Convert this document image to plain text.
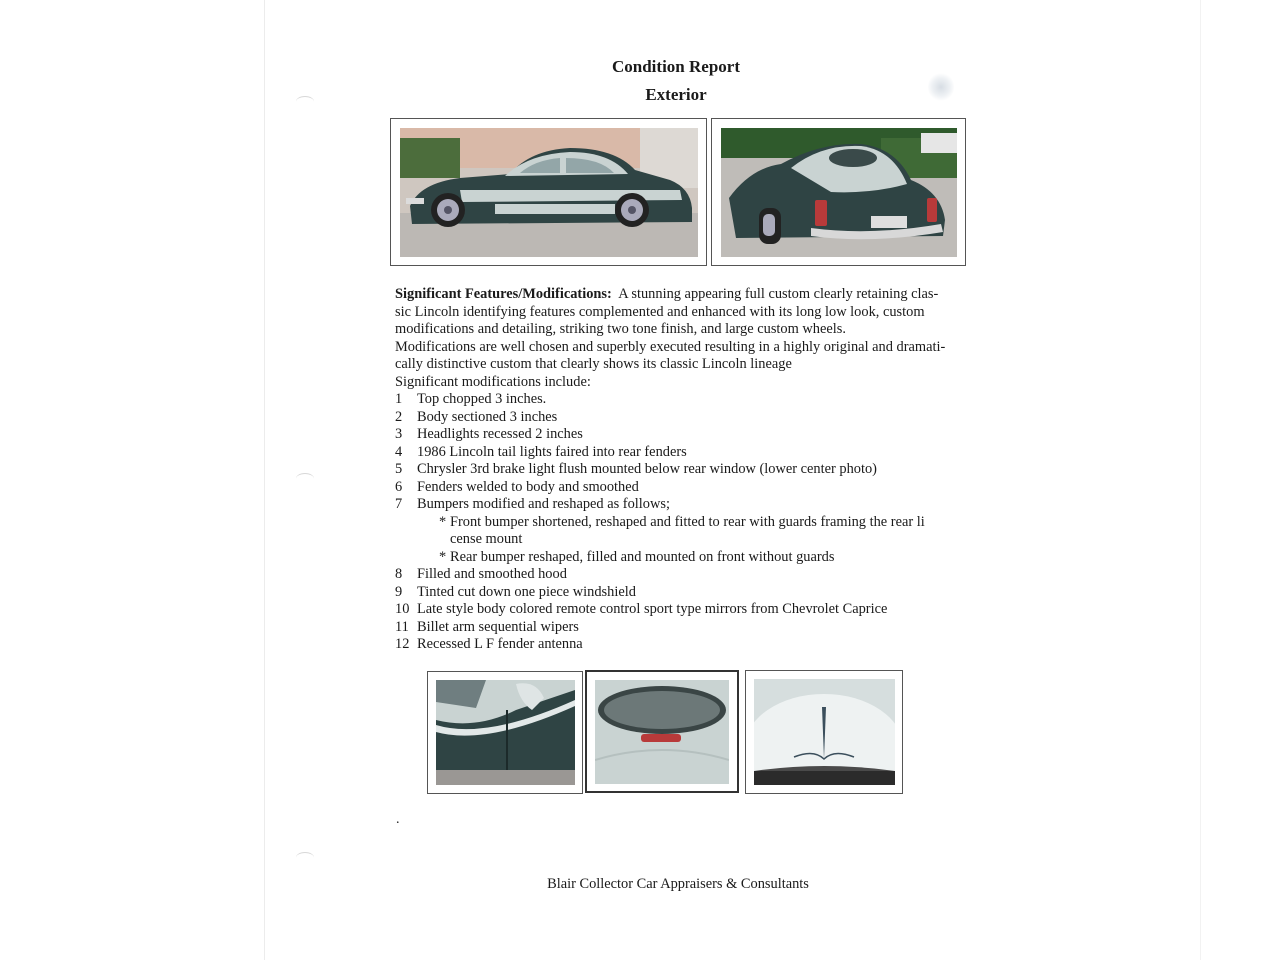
Condition Report
Exterior

Significant Features/Modifications: A stunning appearing full custom clearly retaining clas-
sic Lincoln identifying features complemented and enhanced with its long low look, custom
modifications and detailing, striking two tone finish, and large custom wheels.
Modifications are well chosen and superbly executed resulting in a highly original and dramati-
cally distinctive custom that clearly shows its classic Lincoln lineage

Significant modifications include:

1	Top chopped 3 inches.
2	Body sectioned 3 inches
3	Headlights recessed 2 inches
4	1986 Lincoln tail lights faired into rear fenders
5	Chrysler 3rd brake light flush mounted below rear window (lower center photo)
6	Fenders welded to body and smoothed
7	Bumpers modified and reshaped as follows;
* Front bumper shortened, reshaped and fitted to rear with guards framing the rear li
cense mount
* Rear bumper reshaped, filled and mounted on front without guards
8	Filled and smoothed hood
9	Tinted cut down one piece windshield
10 Late style body colored remote control sport type mirrors from Chevrolet Caprice
11 Billet arm sequential wipers
12 Recessed L F fender antenna
.
Blair Collector Car Appraisers & Consultants
